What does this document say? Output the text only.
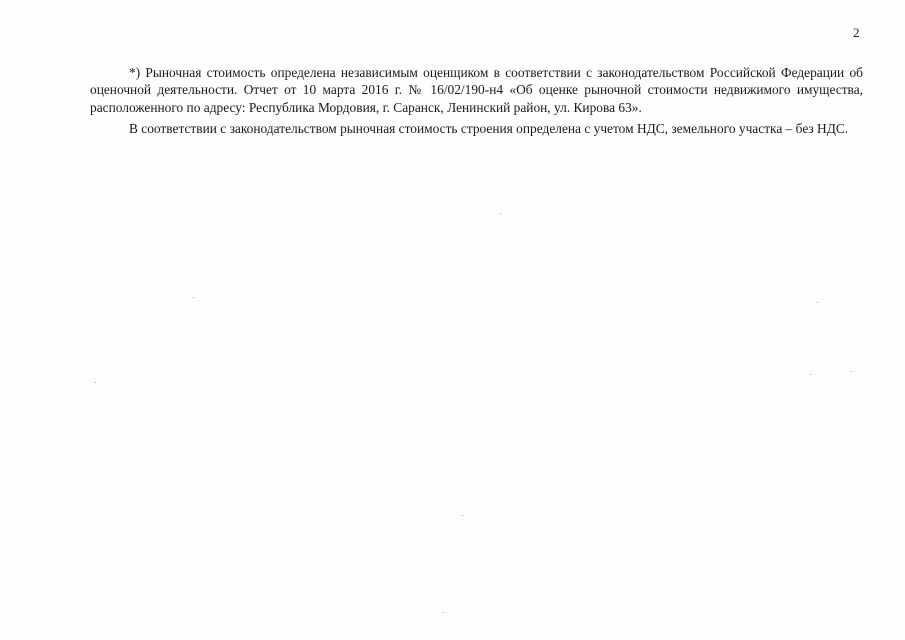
2

*) Рыночная стоимость определена независимым оценщиком в соответствии с законодательством Российской Федерации об оценочной деятельности. Отчет от 10 марта 2016 г. № 16/02/190-н4 «Об оценке рыночной стоимости недвижимого имущества, расположенного по адресу: Республика Мордовия, г. Саранск, Ленинский район, ул. Кирова 63».

В соответствии с законодательством рыночная стоимость строения определена с учетом НДС, земельного участка – без НДС.
